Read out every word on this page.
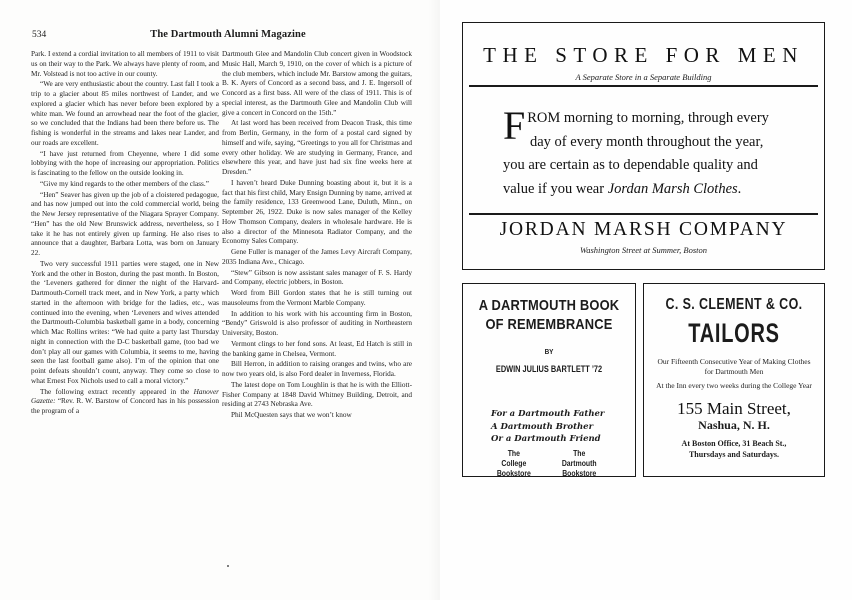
534	The Dartmouth Alumni Magazine

Park. I extend a cordial invitation to all members of 1911 to visit us on their way to the Park. We always have plenty of room, and Mr. Volstead is not too active in our county.

“We are very enthusiastic about the country. Last fall I took a trip to a glacier about 85 miles northwest of Lander, and we explored a glacier which has never before been explored by a white man. We found an arrowhead near the foot of the glacier, so we concluded that the Indians had been there before us. The fishing is wonderful in the streams and lakes near Lander, and our roads are excellent.

“I have just returned from Cheyenne, where I did some lobbying with the hope of increasing our appropriation. Politics is fascinating to the fellow on the outside looking in.

“Give my kind regards to the other members of the class.”

“Hen” Seaver has given up the job of a cloistered pedagogue, and has now jumped out into the cold commercial world, being the New Jersey representative of the Niagara Sprayer Company. “Hen” has the old New Brunswick address, nevertheless, so I take it he has not entirely given up farming. He also rises to announce that a daughter, Barbara Lotta, was born on January 22.

Two very successful 1911 parties were staged, one in New York and the other in Boston, during the past month. In Boston, the ‘Leveners gathered for dinner the night of the Harvard-Dartmouth-Cornell track meet, and in New York, a party which started in the afternoon with bridge for the ladies, etc., was continued into the evening, when ‘Leveners and wives attended the Dartmouth-Columbia basketball game in a body, concerning which Mac Rollins writes: “We had quite a party last Thursday night in connection with the D-C basketball game, (too bad we don’t play all our games with Columbia, it seems to me, having seen the last football game also). I’m of the opinion that one point defeats shouldn’t count, anyway. They come so close to what Ernest Fox Nichols used to call a moral victory.”

The following extract recently appeared in the Hanover Gazette: “Rev. R. W. Barstow of Concord has in his possession the program of a

Dartmouth Glee and Mandolin Club concert given in Woodstock Music Hall, March 9, 1910, on the cover of which is a picture of the club members, which include Mr. Barstow among the guitars, B. K. Ayers of Concord as a second bass, and J. E. Ingersoll of Concord as a first bass. All were of the class of 1911. This is of special interest, as the Dartmouth Glee and Mandolin Club will give a concert in Concord on the 15th.”

At last word has been received from Deacon Trask, this time from Berlin, Germany, in the form of a postal card signed by himself and wife, saying, “Greetings to you all for Christmas and every other holiday. We are studying in Germany, France, and elsewhere this year, and have just had six fine weeks here at Dresden.”

I haven’t heard Duke Dunning boasting about it, but it is a fact that his first child, Mary Ensign Dunning by name, arrived at the family residence, 133 Greenwood Lane, Duluth, Minn., on September 26, 1922. Duke is now sales manager of the Kelley How Thomson Company, dealers in wholesale hardware. He is also a director of the Minnesota Radiator Company, and the Economy Sales Company.

Gene Fuller is manager of the James Levy Aircraft Company, 2035 Indiana Ave., Chicago.

“Stew” Gibson is now assistant sales manager of F. S. Hardy and Company, electric jobbers, in Boston.

Word from Bill Gordon states that he is still turning out mausoleums from the Vermont Marble Company.

In addition to his work with his accounting firm in Boston, “Bendy” Griswold is also professor of auditing in Northeastern University, Boston.

Vermont clings to her fond sons. At least, Ed Hatch is still in the banking game in Chelsea, Vermont.

Bill Herron, in addition to raising oranges and twins, who are now two years old, is also Ford dealer in Inverness, Florida.

The latest dope on Tom Loughlin is that he is with the Elliott-Fisher Company at 1848 David Whitney Building, Detroit, and residing at 2743 Nebraska Ave.

Phil McQuesten says that we won’t know

THE STORE FOR MEN
A Separate Store in a Separate Building
F ROM morning to morning, through every
day of every month throughout the year,
you are certain as to dependable quality and
value if you wear Jordan Marsh Clothes.
JORDAN MARSH COMPANY
Washington Street at Summer, Boston
A DARTMOUTH BOOK
OF REMEMBRANCE
BY
EDWIN JULIUS BARTLETT ’72
For a Dartmouth Father
A Dartmouth Brother
Or a Dartmouth Friend
The
College Bookstore
The
Dartmouth Bookstore
C. S. CLEMENT & CO.
TAILORS

Our Fifteenth Consecutive Year of Making Clothes for Dartmouth Men

At the Inn every two weeks during the College Year

155 Main Street,
Nashua, N. H.
At Boston Office, 31 Beach St.,
Thursdays and Saturdays.
